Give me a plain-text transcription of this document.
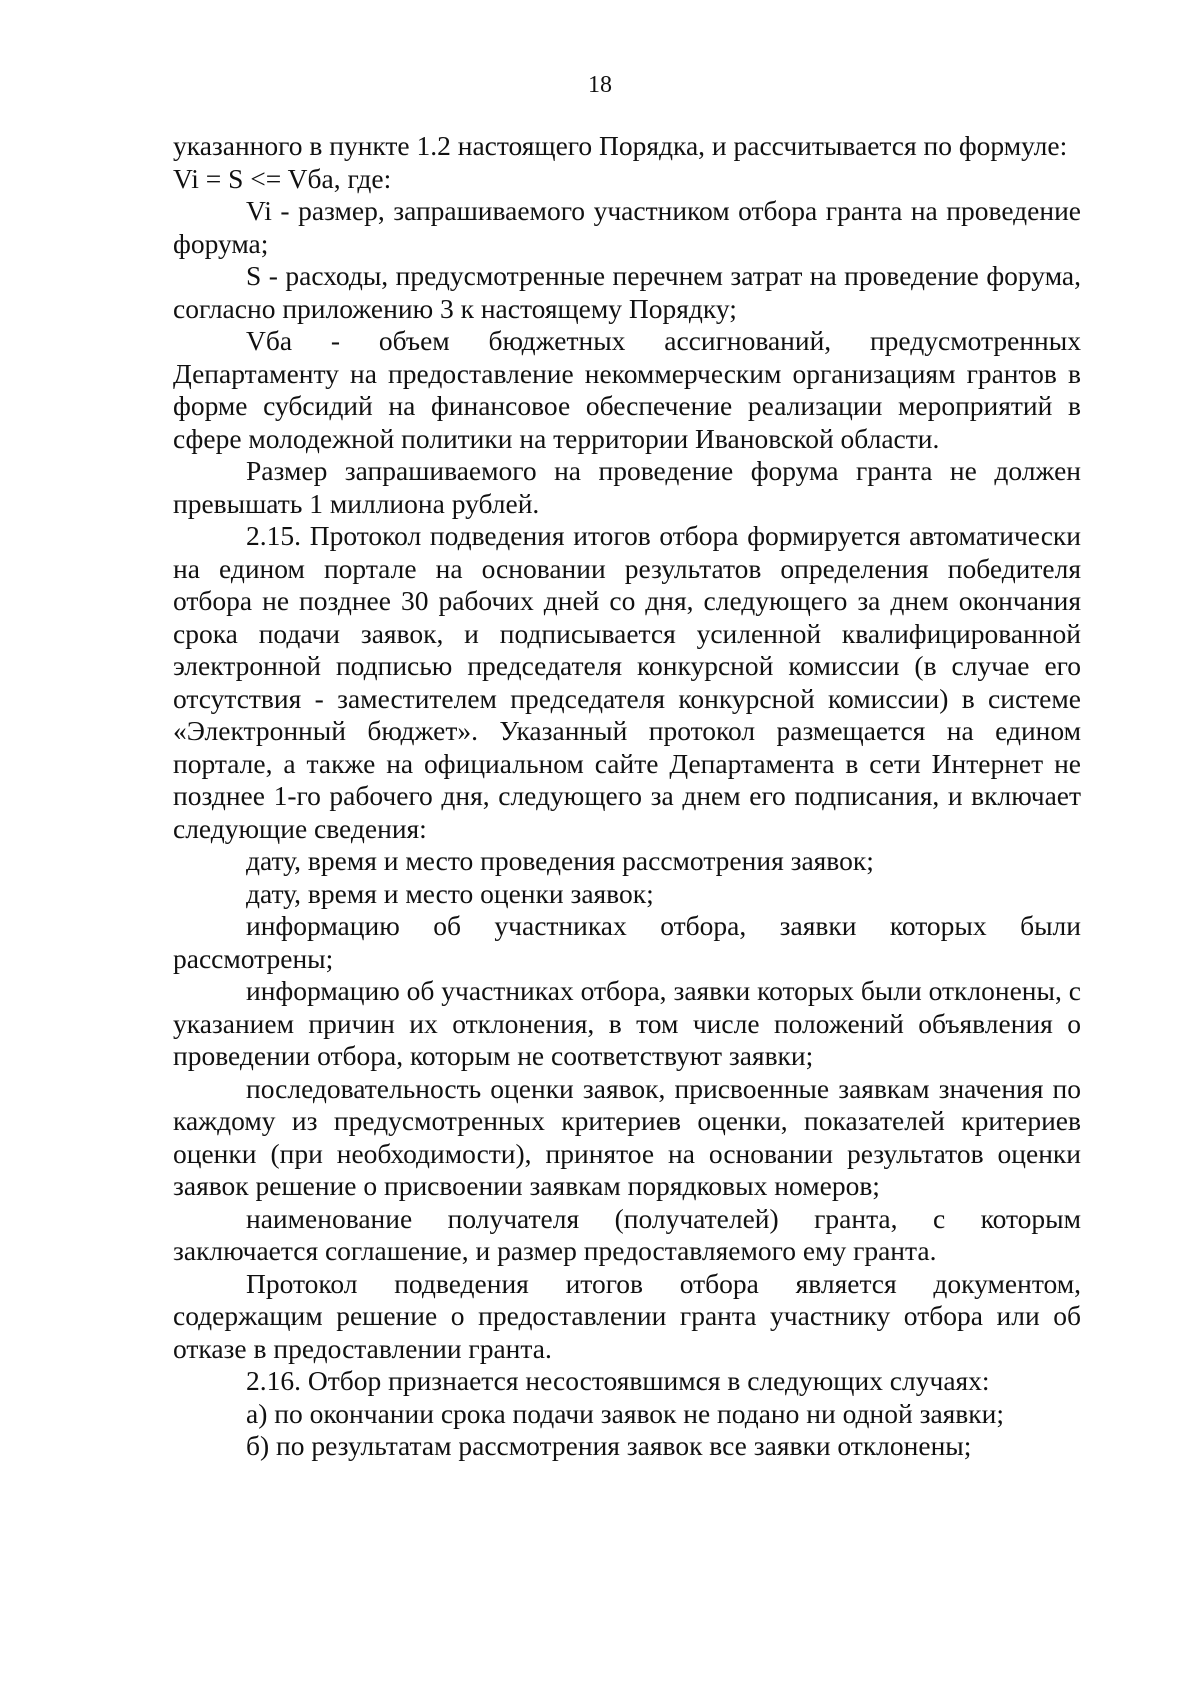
18

указанного в пункте 1.2 настоящего Порядка, и рассчитывается по формуле:

Vi = S <= Vба, где:

Vi - размер, запрашиваемого участником отбора гранта на проведение форума;

S - расходы, предусмотренные перечнем затрат на проведение форума, согласно приложению 3 к настоящему Порядку;

Vба - объем бюджетных ассигнований, предусмотренных Департаменту на предоставление некоммерческим организациям грантов в форме субсидий на финансовое обеспечение реализации мероприятий в сфере молодежной политики на территории Ивановской области.

Размер запрашиваемого на проведение форума гранта не должен превышать 1 миллиона рублей.

2.15. Протокол подведения итогов отбора формируется автоматически на едином портале на основании результатов определения победителя отбора не позднее 30 рабочих дней со дня, следующего за днем окончания срока подачи заявок, и подписывается усиленной квалифицированной электронной подписью председателя конкурсной комиссии (в случае его отсутствия - заместителем председателя конкурсной комиссии) в системе «Электронный бюджет». Указанный протокол размещается на едином портале, а также на официальном сайте Департамента в сети Интернет не позднее 1-го рабочего дня, следующего за днем его подписания, и включает следующие сведения:

дату, время и место проведения рассмотрения заявок;

дату, время и место оценки заявок;

информацию об участниках отбора, заявки которых были рассмотрены;

информацию об участниках отбора, заявки которых были отклонены, с указанием причин их отклонения, в том числе положений объявления о проведении отбора, которым не соответствуют заявки;

последовательность оценки заявок, присвоенные заявкам значения по каждому из предусмотренных критериев оценки, показателей критериев оценки (при необходимости), принятое на основании результатов оценки заявок решение о присвоении заявкам порядковых номеров;

наименование получателя (получателей) гранта, с которым заключается соглашение, и размер предоставляемого ему гранта.

Протокол подведения итогов отбора является документом, содержащим решение о предоставлении гранта участнику отбора или об отказе в предоставлении гранта.

2.16. Отбор признается несостоявшимся в следующих случаях:

а) по окончании срока подачи заявок не подано ни одной заявки;

б) по результатам рассмотрения заявок все заявки отклонены;
